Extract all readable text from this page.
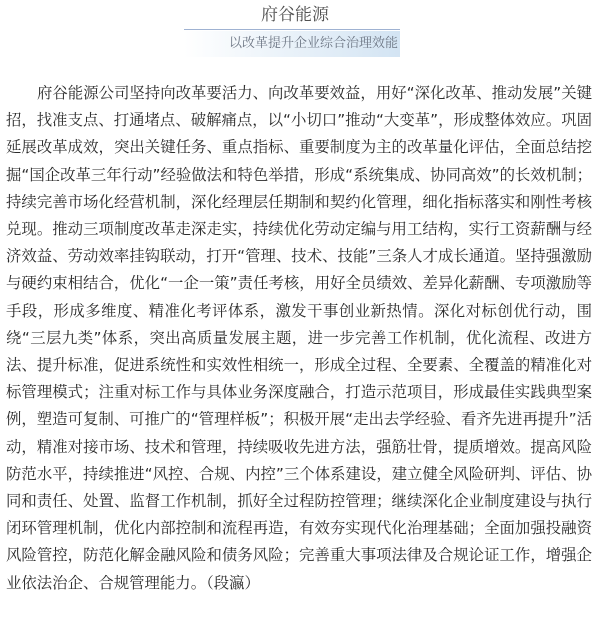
府谷能源
以改革提升企业综合治理效能

府谷能源公司坚持向改革要活力、向改革要效益，用好“深化改革、推动发展”关键招，找准支点、打通堵点、破解痛点，以“小切口”推动“大变革”，形成整体效应。巩固延展改革成效，突出关键任务、重点指标、重要制度为主的改革量化评估，全面总结挖掘“国企改革三年行动”经验做法和特色举措，形成“系统集成、协同高效”的长效机制；持续完善市场化经营机制，深化经理层任期制和契约化管理，细化指标落实和刚性考核兑现。推动三项制度改革走深走实，持续优化劳动定编与用工结构，实行工资薪酬与经济效益、劳动效率挂钩联动，打开“管理、技术、技能”三条人才成长通道。坚持强激励与硬约束相结合，优化“一企一策”责任考核，用好全员绩效、差异化薪酬、专项激励等手段，形成多维度、精准化考评体系，激发干事创业新热情。深化对标创优行动，围绕“三层九类”体系，突出高质量发展主题，进一步完善工作机制，优化流程、改进方法、提升标准，促进系统性和实效性相统一，形成全过程、全要素、全覆盖的精准化对标管理模式；注重对标工作与具体业务深度融合，打造示范项目，形成最佳实践典型案例，塑造可复制、可推广的“管理样板”；积极开展“走出去学经验、看齐先进再提升”活动，精准对接市场、技术和管理，持续吸收先进方法，强筋壮骨，提质增效。提高风险防范水平，持续推进“风控、合规、内控”三个体系建设，建立健全风险研判、评估、协同和责任、处置、监督工作机制，抓好全过程防控管理；继续深化企业制度建设与执行闭环管理机制，优化内部控制和流程再造，有效夯实现代化治理基础；全面加强投融资风险管控，防范化解金融风险和债务风险；完善重大事项法律及合规论证工作，增强企业依法治企、合规管理能力。（段瀛）
